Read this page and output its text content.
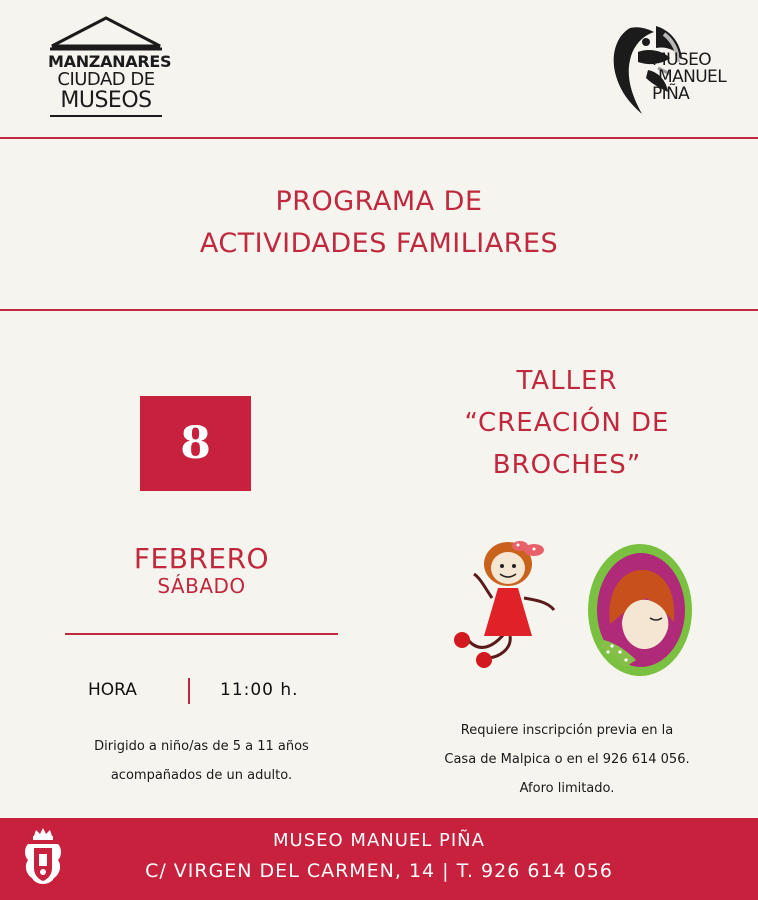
MANZANARES
CIUDAD DE
MUSEOS
MUSEO
MANUEL
PIÑA
PROGRAMA DE
ACTIVIDADES FAMILIARES
8
FEBRERO
SÁBADO
HORA	11:00 h.
Dirigido a niño/as de 5 a 11 años
acompañados de un adulto.
TALLER
“CREACIÓN DE
BROCHES”
Requiere inscripción previa en la
Casa de Malpica o en el 926 614 056.
Aforo limitado.
MUSEO MANUEL PIÑA
C/ VIRGEN DEL CARMEN, 14 | T. 926 614 056
